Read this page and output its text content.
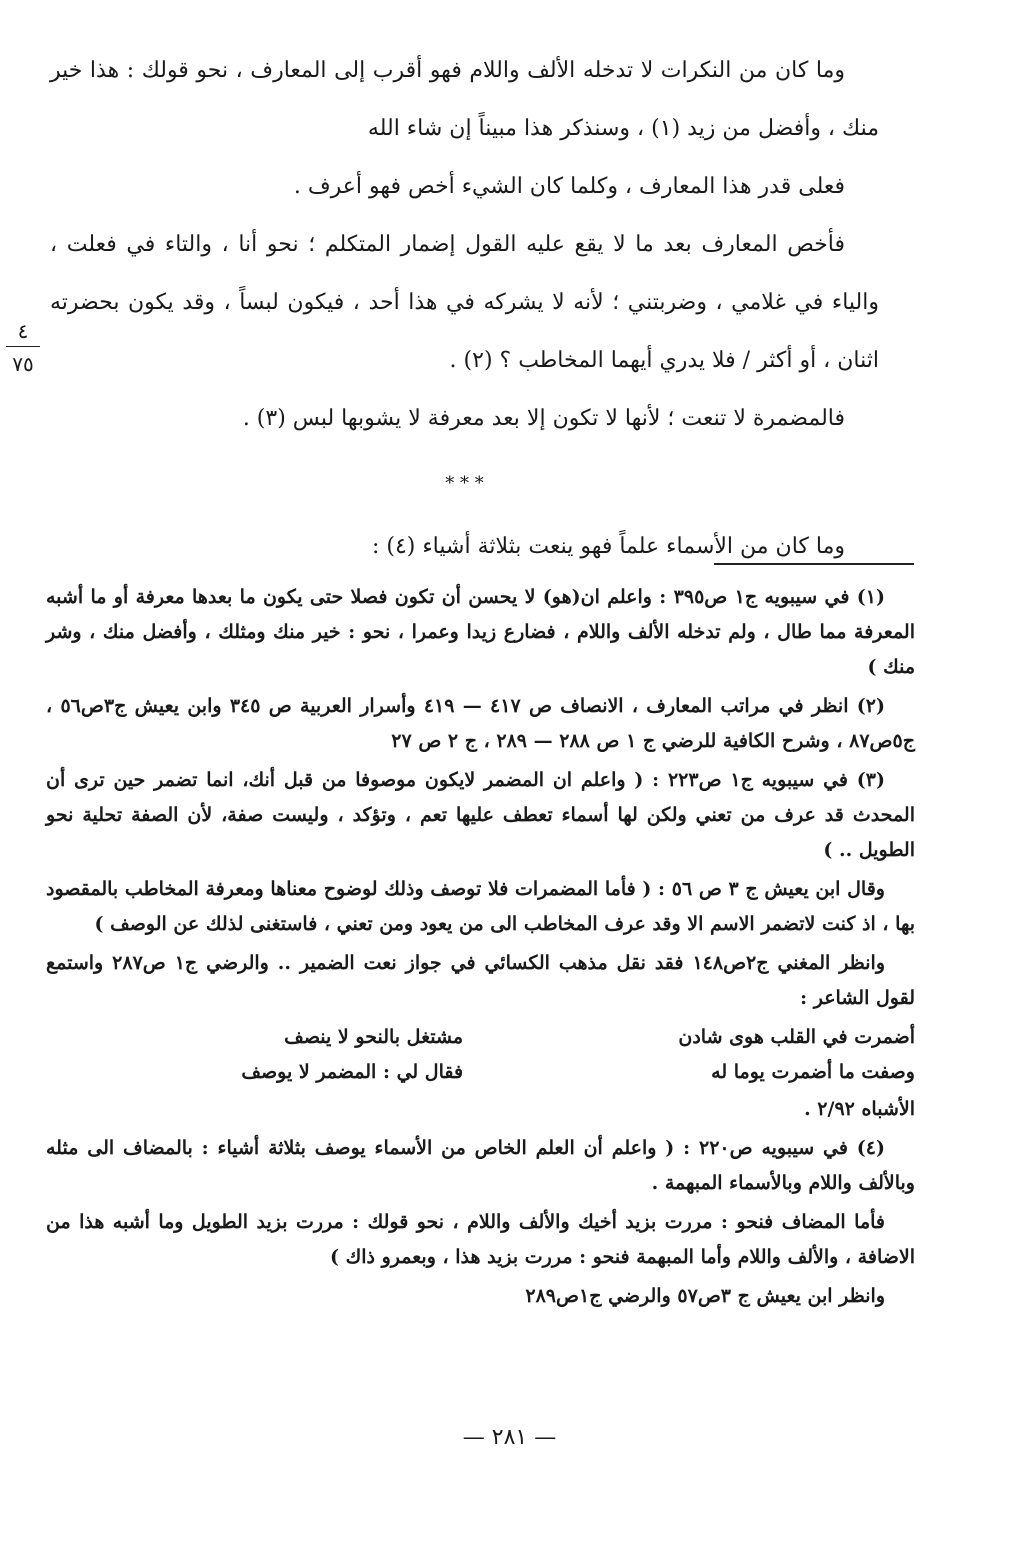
وما كان من النكرات لا تدخله الألف واللام فهو أقرب إلى المعارف ، نحو قولك : هذا خير منك ، وأفضل من زيد (١) ، وسنذكر هذا مبيناً إن شاء الله

فعلى قدر هذا المعارف ، وكلما كان الشيء أخص فهو أعرف .

فأخص المعارف بعد ما لا يقع عليه القول إضمار المتكلم ؛ نحو أنا ، والتاء في فعلت ، والياء في غلامي ، وضربتني ؛ لأنه لا يشركه في هذا أحد ، فيكون لبساً ، وقد يكون بحضرته اثنان ، أو أكثر / فلا يدري أيهما المخاطب ؟ (٢) .

فالمضمرة لا تنعت ؛ لأنها لا تكون إلا بعد معرفة لا يشوبها لبس (٣) .

* * *

وما كان من الأسماء علماً فهو ينعت بثلاثة أشياء (٤) :

٤
٧٥

(١) في سيبويه ج١ ص٣٩٥ : واعلم ان(هو) لا يحسن أن تكون فصلا حتى يكون ما بعدها معرفة أو ما أشبه المعرفة مما طال ، ولم تدخله الألف واللام ، فضارع زيدا وعمرا ، نحو : خير منك ومثلك ، وأفضل منك ، وشر منك )

(٢) انظر في مراتب المعارف ، الانصاف ص ٤١٧ — ٤١٩ وأسرار العربية ص ٣٤٥ وابن يعيش ج٣ص٥٦ ، ج٥ص٨٧ ، وشرح الكافية للرضي ج ١ ص ٢٨٨ — ٢٨٩ ، ج ٢ ص ٢٧

(٣) في سيبويه ج١ ص٢٢٣ : ( واعلم ان المضمر لايكون موصوفا من قبل أنك، انما تضمر حين ترى أن المحدث قد عرف من تعني ولكن لها أسماء تعطف عليها تعم ، وتؤكد ، وليست صفة، لأن الصفة تحلية نحو الطويل .. )

وقال ابن يعيش ج ٣ ص ٥٦ : ( فأما المضمرات فلا توصف وذلك لوضوح معناها ومعرفة المخاطب بالمقصود بها ، اذ كنت لاتضمر الاسم الا وقد عرف المخاطب الى من يعود ومن تعني ، فاستغنى لذلك عن الوصف )

وانظر المغني ج٢ص١٤٨ فقد نقل مذهب الكسائي في جواز نعت الضمير .. والرضي ج١ ص٢٨٧ واستمع لقول الشاعر :

أضمرت في القلب هوى شادن
مشتغل بالنحو لا ينصف
وصفت ما أضمرت يوما له
فقال لي : المضمر لا يوصف

الأشباه ٢/٩٢ .

(٤) في سيبويه ص٢٢٠ : ( واعلم أن العلم الخاص من الأسماء يوصف بثلاثة أشياء : بالمضاف الى مثله وبالألف واللام وبالأسماء المبهمة .

فأما المضاف فنحو : مررت بزيد أخيك والألف واللام ، نحو قولك : مررت بزيد الطويل وما أشبه هذا من الاضافة ، والألف واللام وأما المبهمة فنحو : مررت بزيد هذا ، وبعمرو ذاك )

وانظر ابن يعيش ج ٣ص٥٧ والرضي ج١ص٢٨٩

— ٢٨١ —
